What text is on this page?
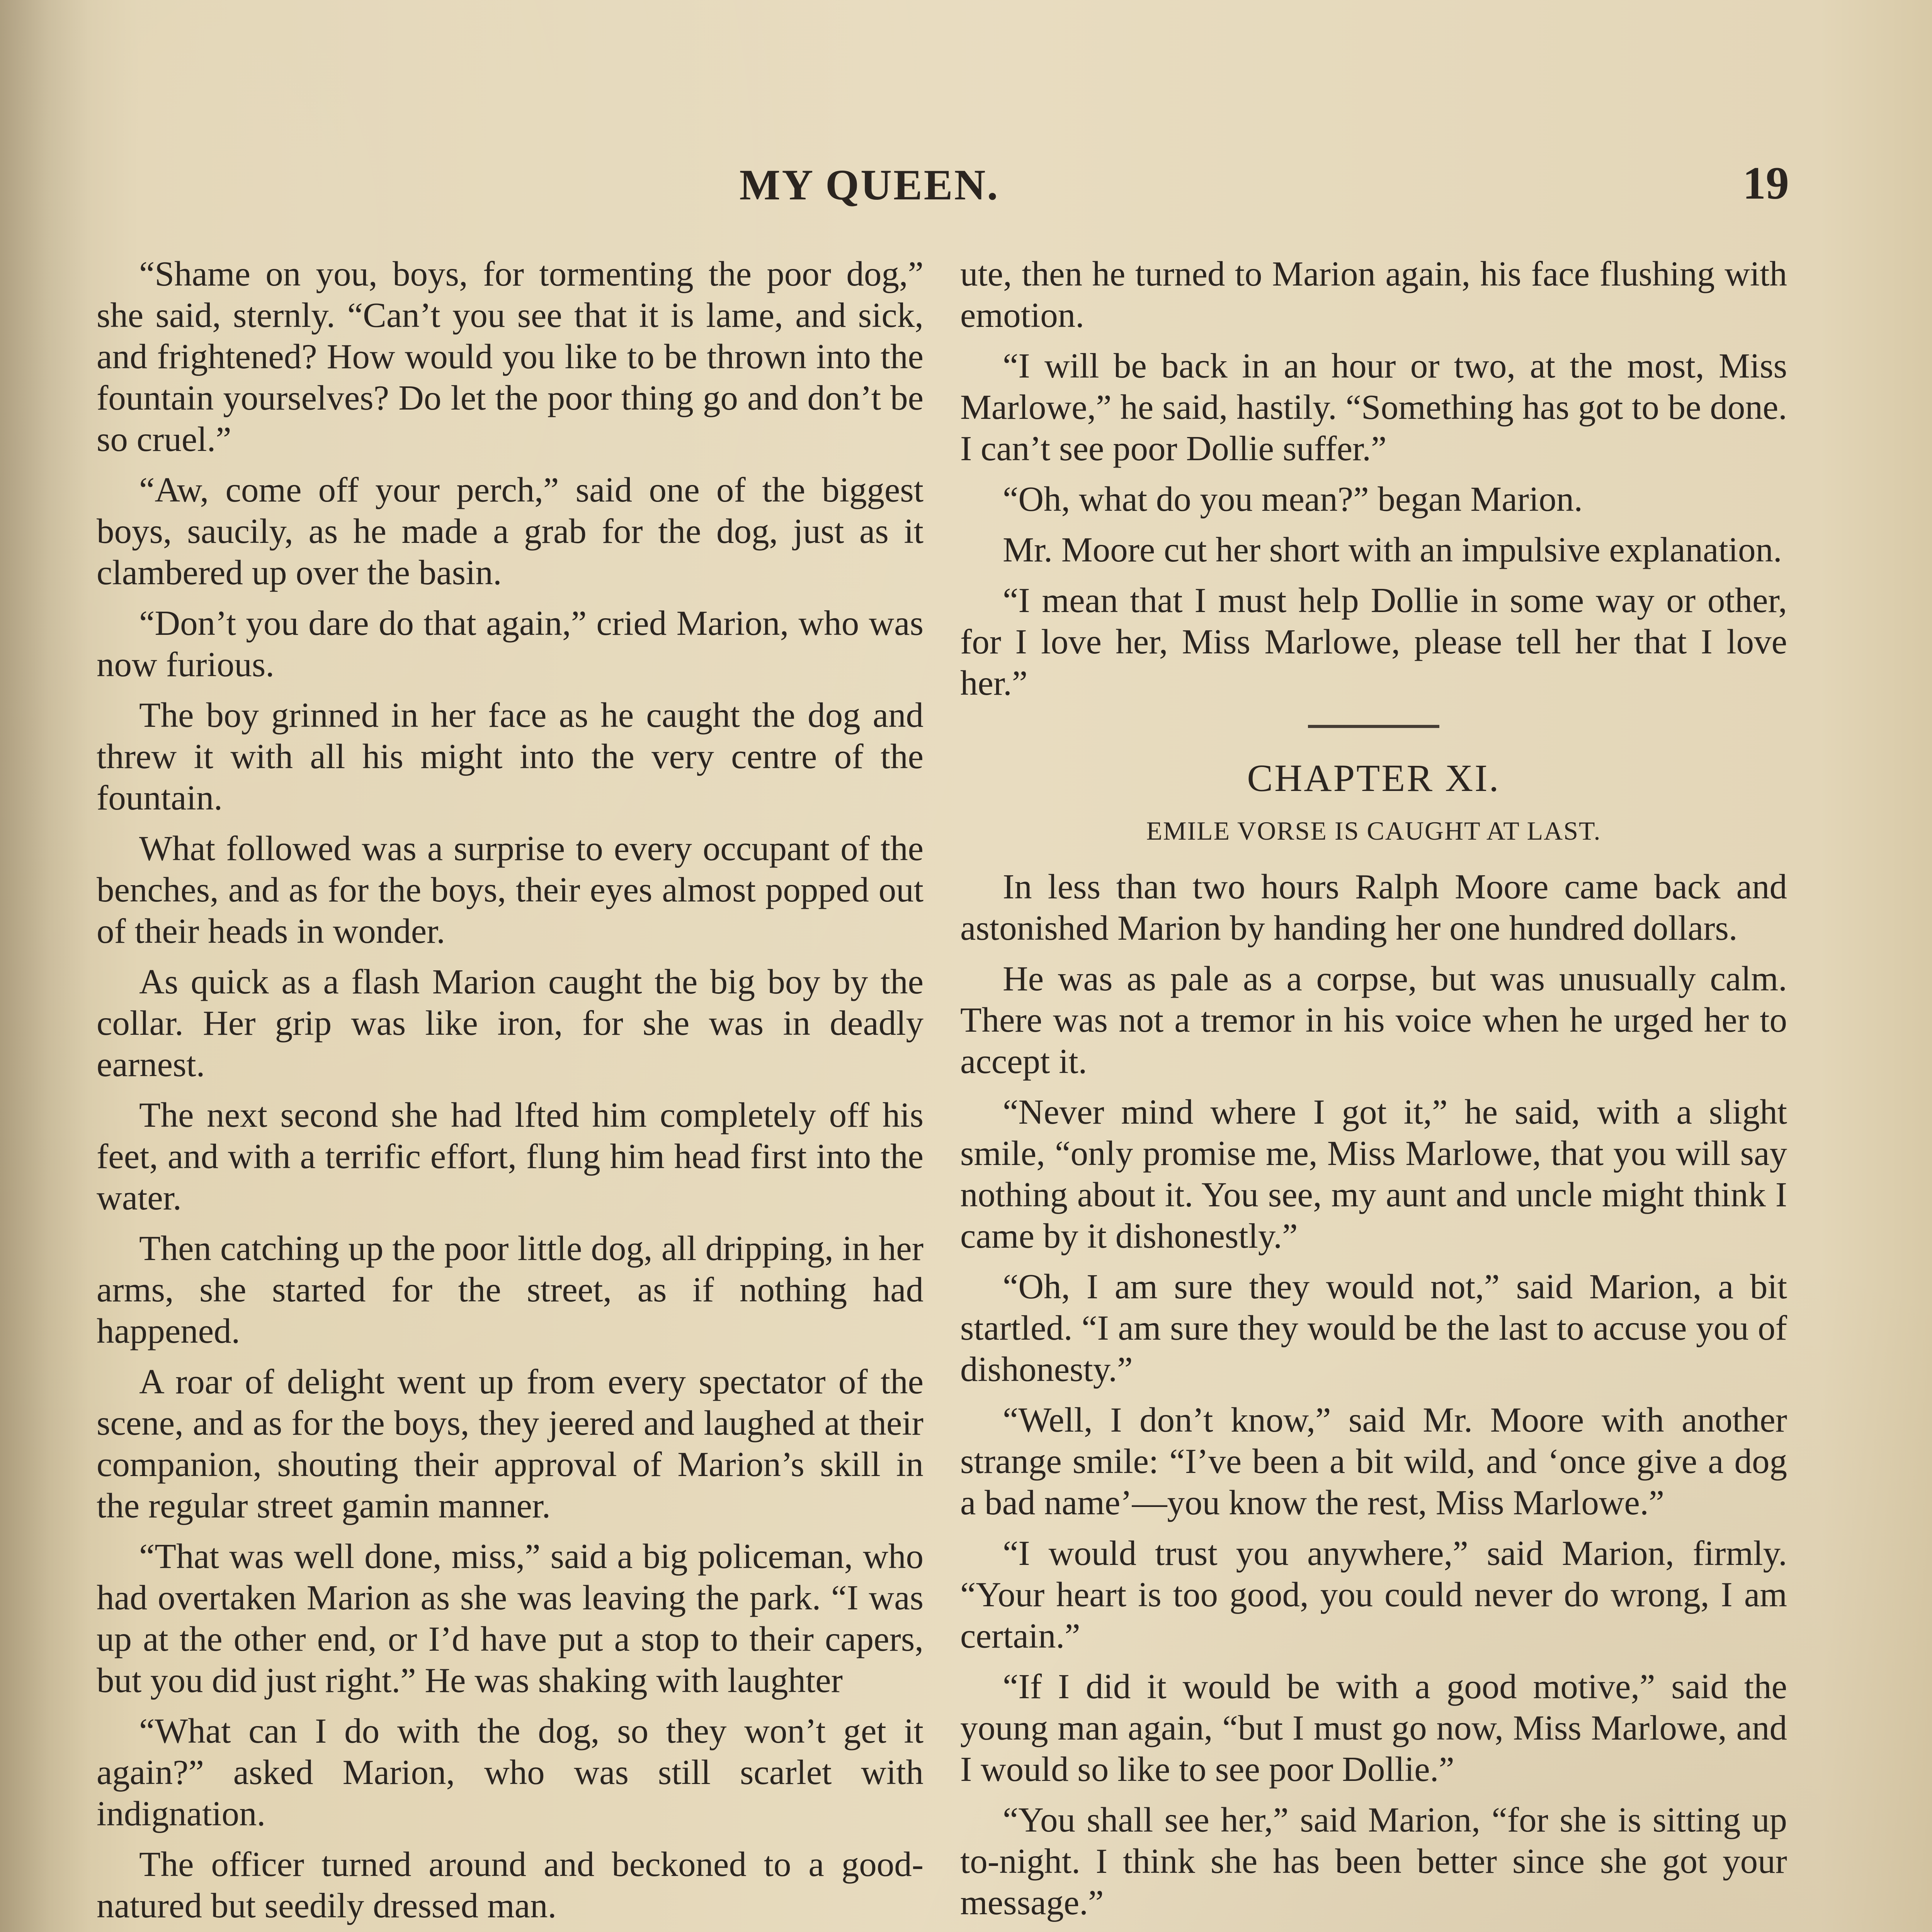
MY QUEEN.	19

“Shame on you, boys, for tormenting the poor dog,” she said, sternly. “Can’t you see that it is lame, and sick, and frightened? How would you like to be thrown into the fountain yourselves? Do let the poor thing go and don’t be so cruel.”

“Aw, come off your perch,” said one of the biggest boys, saucily, as he made a grab for the dog, just as it clambered up over the basin.

“Don’t you dare do that again,” cried Marion, who was now furious.

The boy grinned in her face as he caught the dog and threw it with all his might into the very centre of the fountain.

What followed was a surprise to every occupant of the benches, and as for the boys, their eyes almost popped out of their heads in wonder.

As quick as a flash Marion caught the big boy by the collar. Her grip was like iron, for she was in deadly earnest.

The next second she had lfted him completely off his feet, and with a terrific effort, flung him head first into the water.

Then catching up the poor little dog, all dripping, in her arms, she started for the street, as if nothing had happened.

A roar of delight went up from every spectator of the scene, and as for the boys, they jeered and laughed at their companion, shouting their approval of Marion’s skill in the regular street gamin manner.

“That was well done, miss,” said a big policeman, who had overtaken Marion as she was leaving the park. “I was up at the other end, or I’d have put a stop to their capers, but you did just right.” He was shaking with laughter

“What can I do with the dog, so they won’t get it again?” asked Marion, who was still scarlet with indignation.

The officer turned around and beckoned to a good-natured but seedily dressed man.

ute, then he turned to Marion again, his face flushing with emotion.

“I will be back in an hour or two, at the most, Miss Marlowe,” he said, hastily. “Something has got to be done. I can’t see poor Dollie suffer.”

“Oh, what do you mean?” began Marion.

Mr. Moore cut her short with an impulsive explanation.

“I mean that I must help Dollie in some way or other, for I love her, Miss Marlowe, please tell her that I love her.”

CHAPTER XI.
EMILE VORSE IS CAUGHT AT LAST.

In less than two hours Ralph Moore came back and astonished Marion by handing her one hundred dollars.

He was as pale as a corpse, but was unusually calm. There was not a tremor in his voice when he urged her to accept it.

“Never mind where I got it,” he said, with a slight smile, “only promise me, Miss Marlowe, that you will say nothing about it. You see, my aunt and uncle might think I came by it dishonestly.”

“Oh, I am sure they would not,” said Marion, a bit startled. “I am sure they would be the last to accuse you of dishonesty.”

“Well, I don’t know,” said Mr. Moore with another strange smile: “I’ve been a bit wild, and ‘once give a dog a bad name’—you know the rest, Miss Marlowe.”

“I would trust you anywhere,” said Marion, firmly. “Your heart is too good, you could never do wrong, I am certain.”

“If I did it would be with a good motive,” said the young man again, “but I must go now, Miss Marlowe, and I would so like to see poor Dollie.”

“You shall see her,” said Marion, “for she is sitting up to-night. I think she has been better since she got your message.”
